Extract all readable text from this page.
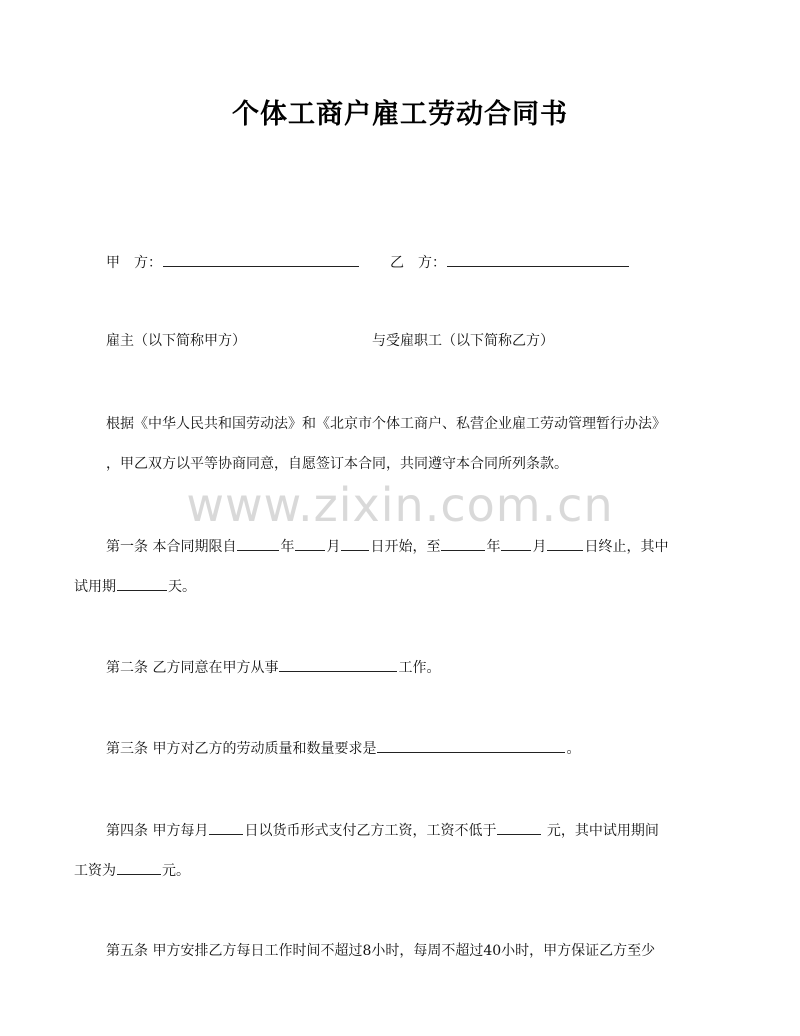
个体工商户雇工劳动合同书
甲　方：	乙　方：
雇主（以下简称甲方）	与受雇职工（以下简称乙方）
根据《中华人民共和国劳动法》和《北京市个体工商户、私营企业雇工劳动管理暂行办法》
，甲乙双方以平等协商同意，自愿签订本合同，共同遵守本合同所列条款。
www.zixin.com.cn
第一条 本合同期限自	年 月 日开始，至	年 月	日终止，其中
试用期	天。
第二条 乙方同意在甲方从事	工作。
第三条 甲方对乙方的劳动质量和数量要求是	。
第四条 甲方每月	日以货币形式支付乙方工资，工资不低于	元，其中试用期间
工资为	元。
第五条 甲方安排乙方每日工作时间不超过8小时，每周不超过40小时，甲方保证乙方至少
